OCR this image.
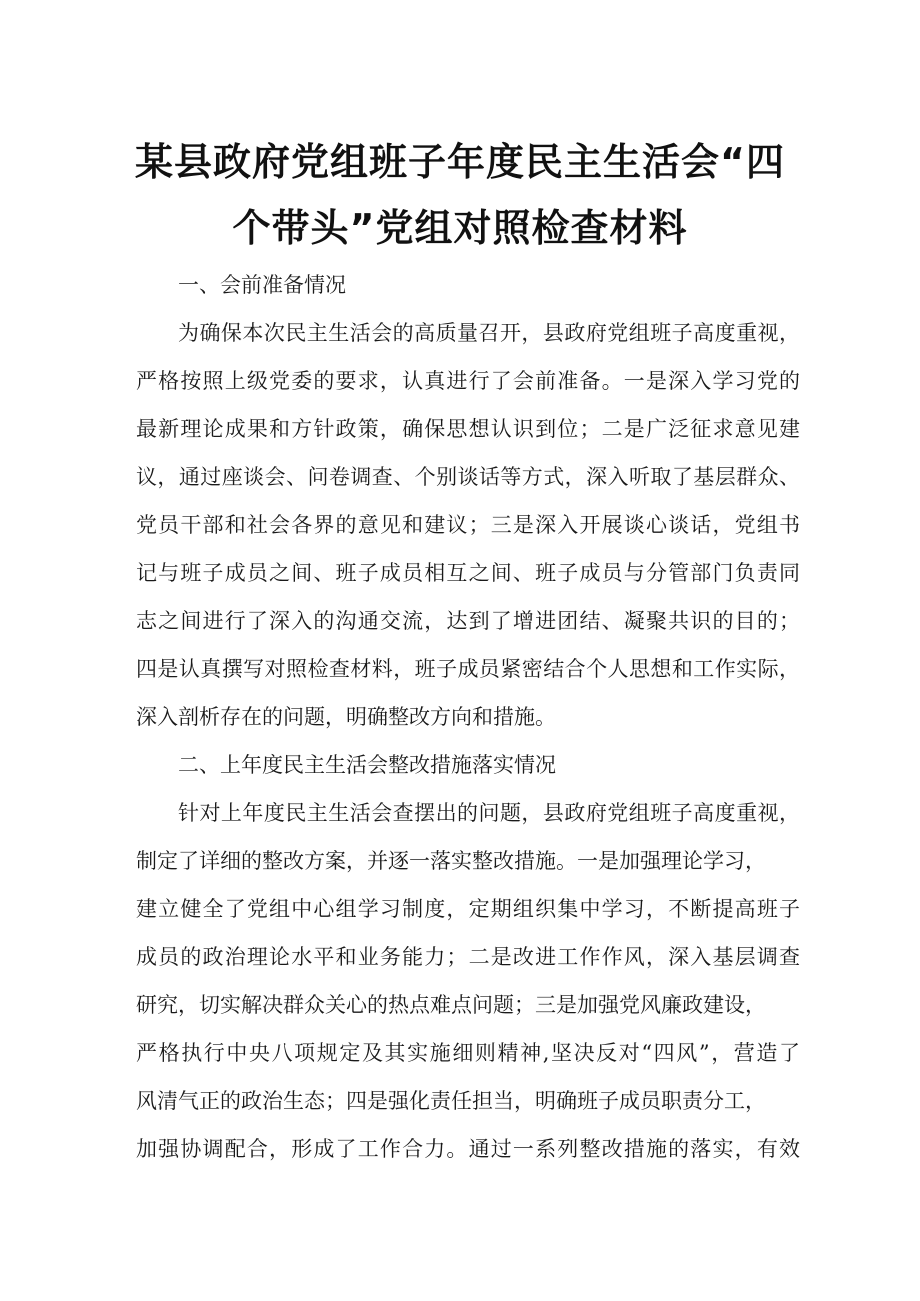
某县政府党组班子年度民主生活会“四
个带头”党组对照检查材料

一、会前准备情况

为确保本次民主生活会的高质量召开，县政府党组班子高度重视，

严格按照上级党委的要求，认真进行了会前准备。一是深入学习党的

最新理论成果和方针政策，确保思想认识到位；二是广泛征求意见建

议，通过座谈会、问卷调查、个别谈话等方式，深入听取了基层群众、

党员干部和社会各界的意见和建议；三是深入开展谈心谈话，党组书

记与班子成员之间、班子成员相互之间、班子成员与分管部门负责同

志之间进行了深入的沟通交流，达到了增进团结、凝聚共识的目的；

四是认真撰写对照检查材料，班子成员紧密结合个人思想和工作实际，

深入剖析存在的问题，明确整改方向和措施。

二、上年度民主生活会整改措施落实情况

针对上年度民主生活会查摆出的问题，县政府党组班子高度重视，

制定了详细的整改方案，并逐一落实整改措施。一是加强理论学习，

建立健全了党组中心组学习制度，定期组织集中学习，不断提高班子

成员的政治理论水平和业务能力；二是改进工作作风，深入基层调查

研究，切实解决群众关心的热点难点问题；三是加强党风廉政建设，

严格执行中央八项规定及其实施细则精神,坚决反对“四风”，营造了

风清气正的政治生态；四是强化责任担当，明确班子成员职责分工，

加强协调配合，形成了工作合力。通过一系列整改措施的落实，有效
